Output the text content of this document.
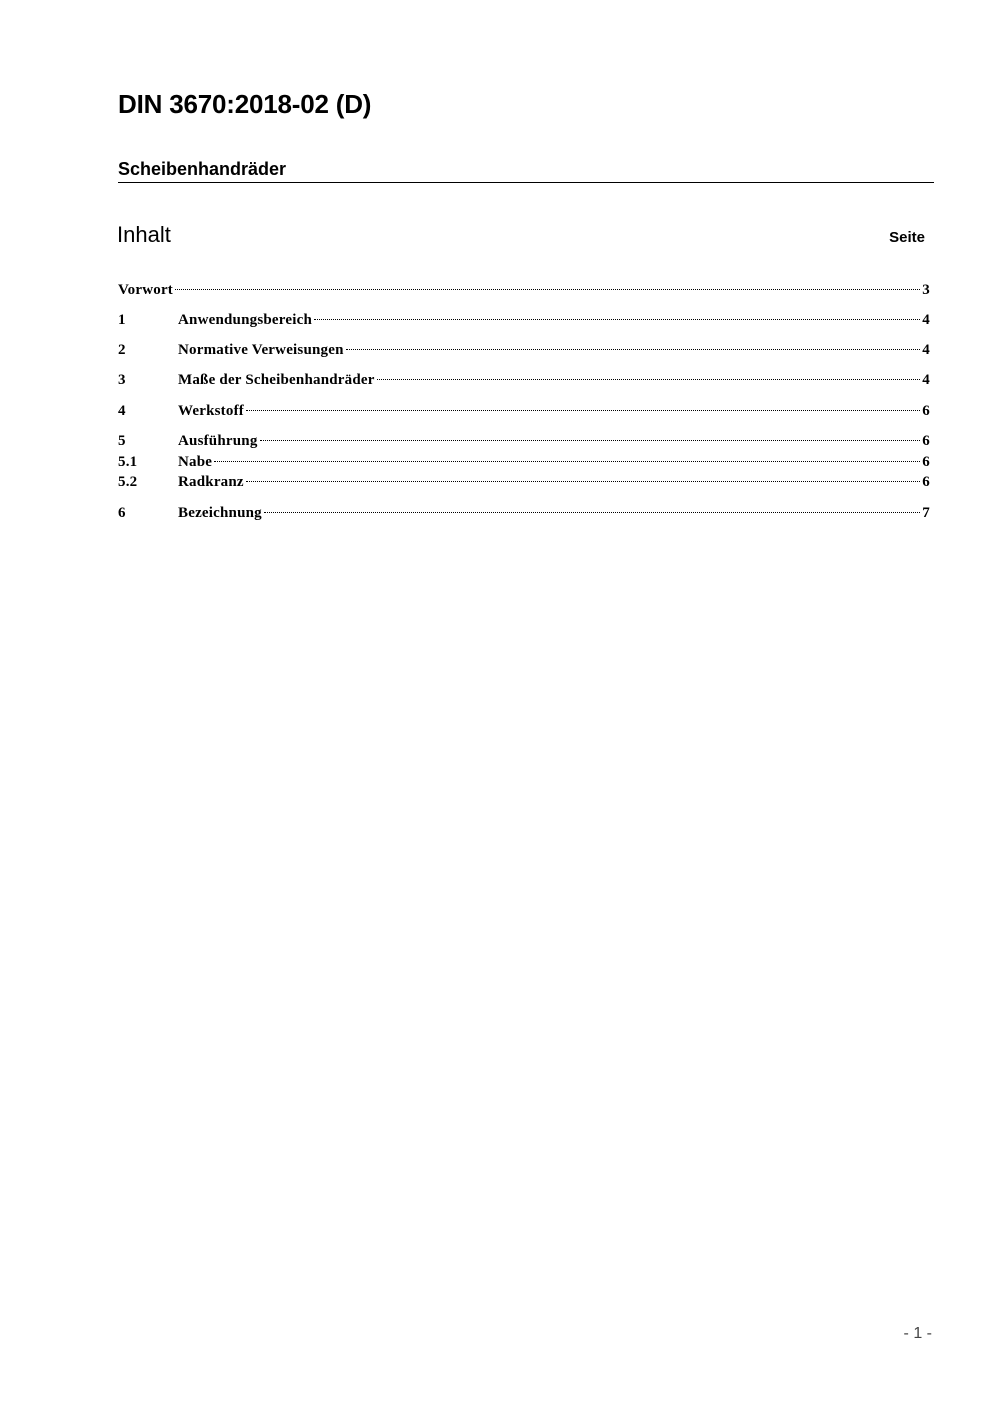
DIN 3670:2018-02 (D)
Scheibenhandräder
Inhalt	Seite
Vorwort	3
1	Anwendungsbereich	4
2	Normative Verweisungen	4
3	Maße der Scheibenhandräder	4
4	Werkstoff	6
5	Ausführung	6
5.1	Nabe	6
5.2	Radkranz	6
6	Bezeichnung	7
- 1 -
